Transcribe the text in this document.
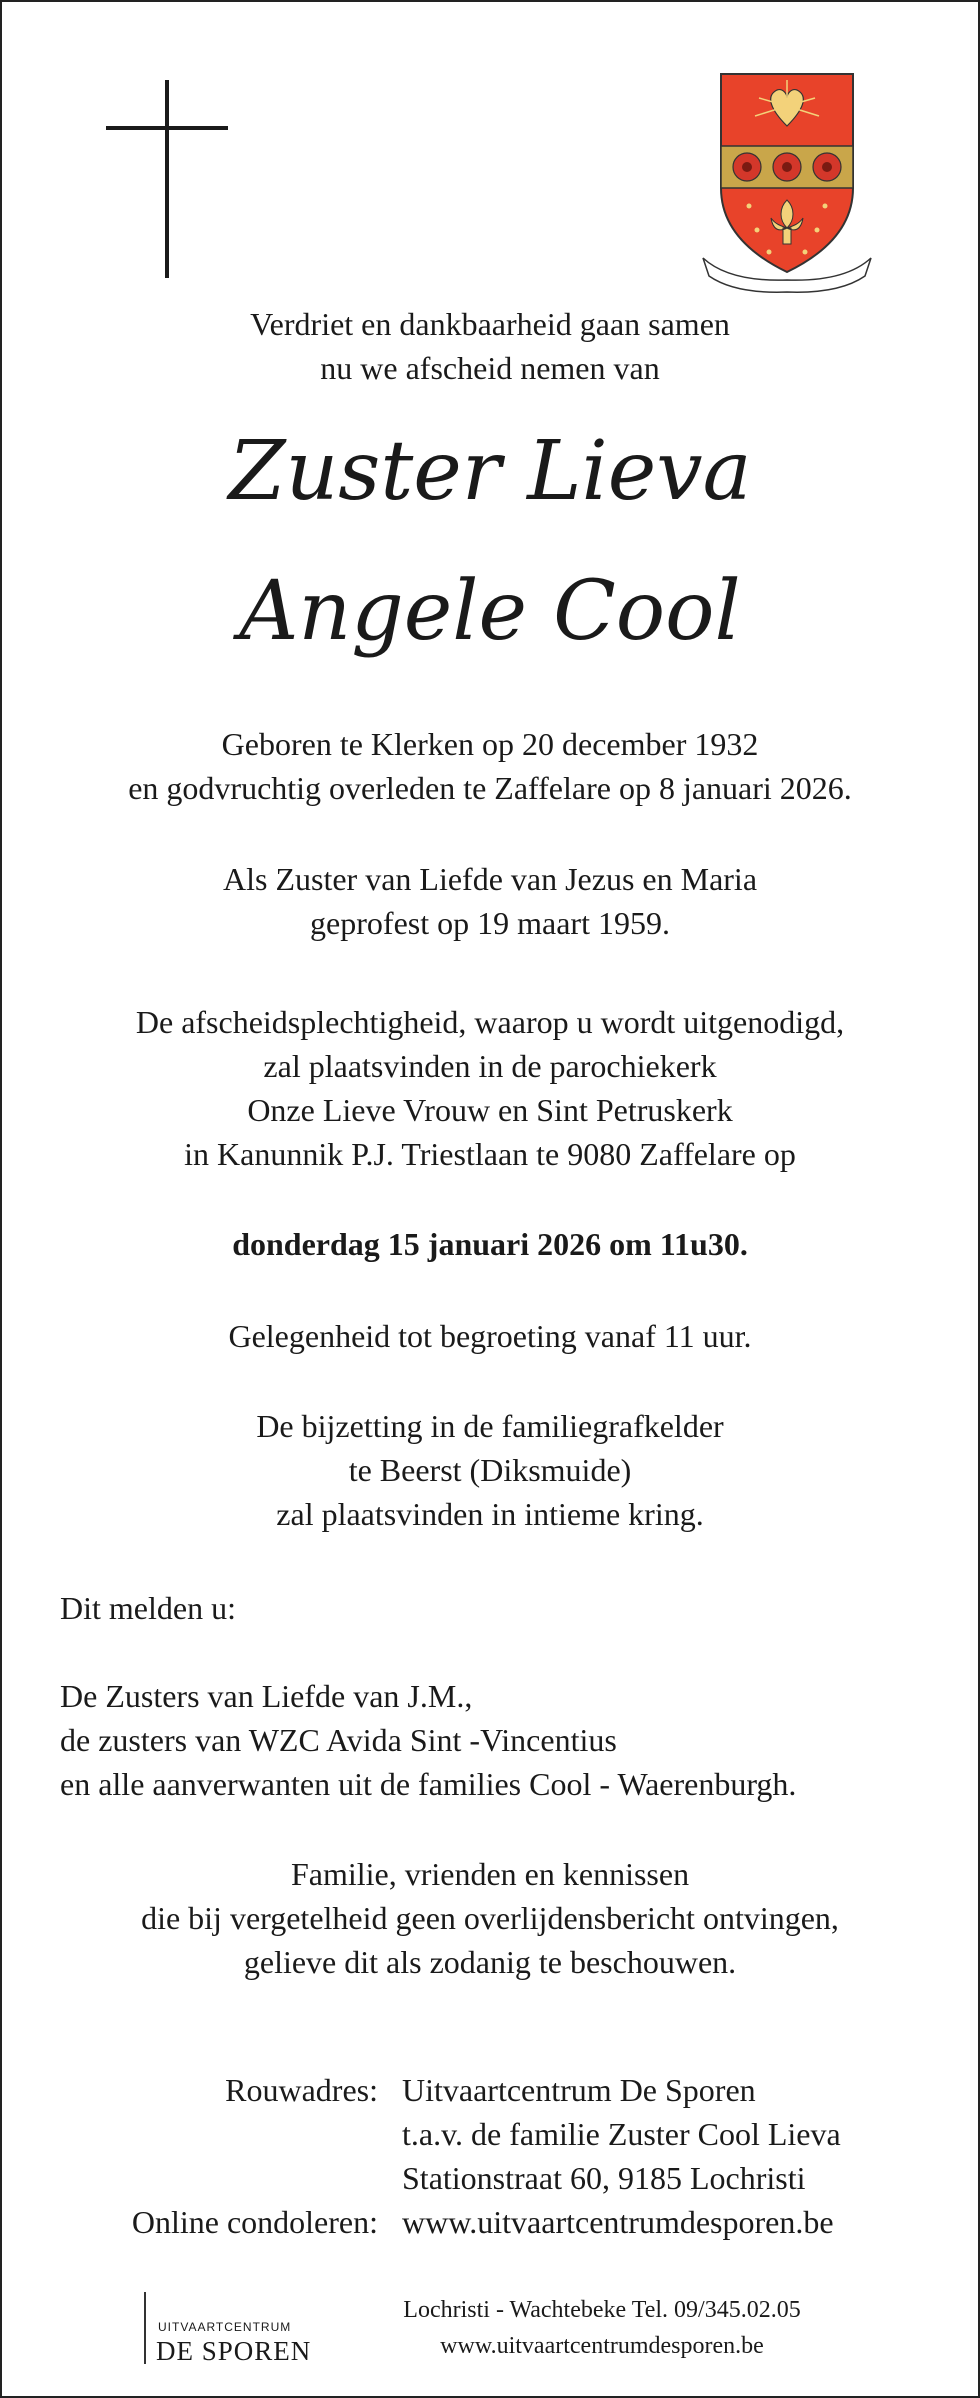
Verdriet en dankbaarheid gaan samen

nu we afscheid nemen van

Zuster Lieva
Angele Cool

Geboren te Klerken op 20 december 1932

en godvruchtig overleden te Zaffelare op 8 januari 2026.

Als Zuster van Liefde van Jezus en Maria

geprofest op 19 maart 1959.

De afscheidsplechtigheid, waarop u wordt uitgenodigd,

zal plaatsvinden in de parochiekerk

Onze Lieve Vrouw en Sint Petruskerk

in Kanunnik P.J. Triestlaan te 9080 Zaffelare op

donderdag 15 januari 2026 om 11u30.
Gelegenheid tot begroeting vanaf 11 uur.

De bijzetting in de familiegrafkelder

te Beerst (Diksmuide)

zal plaatsvinden in intieme kring.

Dit melden u:

De Zusters van Liefde van J.M.,

de zusters van WZC Avida Sint -Vincentius

en alle aanverwanten uit de families Cool - Waerenburgh.

Familie, vrienden en kennissen

die bij vergetelheid geen overlijdensbericht ontvingen,

gelieve dit als zodanig te beschouwen.

Rouwadres: Uitvaartcentrum De Sporen
t.a.v. de familie Zuster Cool Lieva
Stationstraat 60, 9185 Lochristi
Online condoleren: www.uitvaartcentrumdesporen.be
UITVAARTCENTRUM
DE SPOREN
Lochristi - Wachtebeke Tel. 09/345.02.05
www.uitvaartcentrumdesporen.be
